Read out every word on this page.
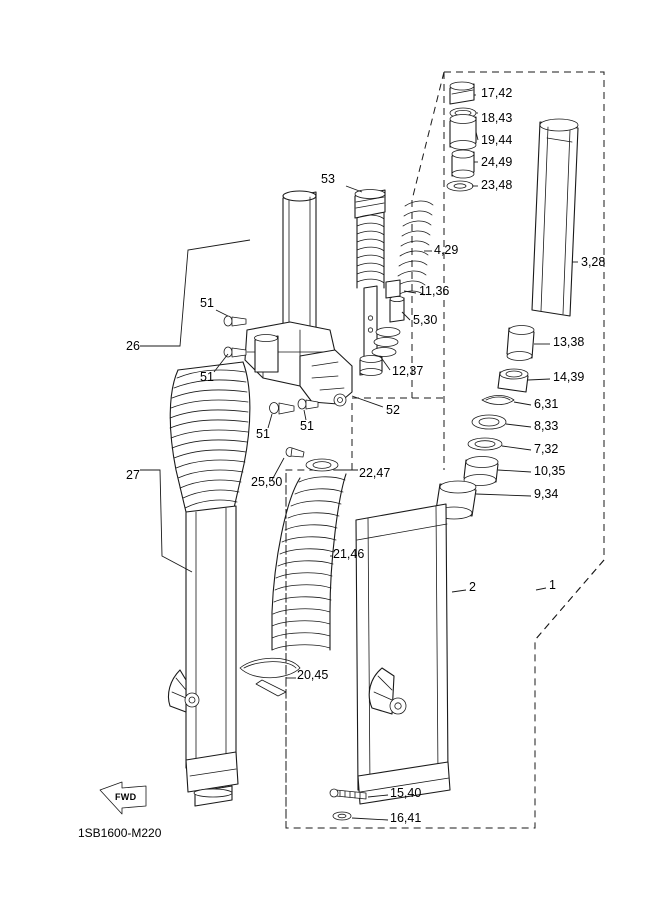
17,42
18,43
19,44
24,49
23,48
53
3,28
4,29
11,36
5,30
13,38
14,39
12,37
6,31
8,33
7,32
10,35
9,34
51
51
51
51
52
26
27	22,47
25,50
21,46
20,45
2	1
15,40
16,41
FWD
1SB1600-M220
